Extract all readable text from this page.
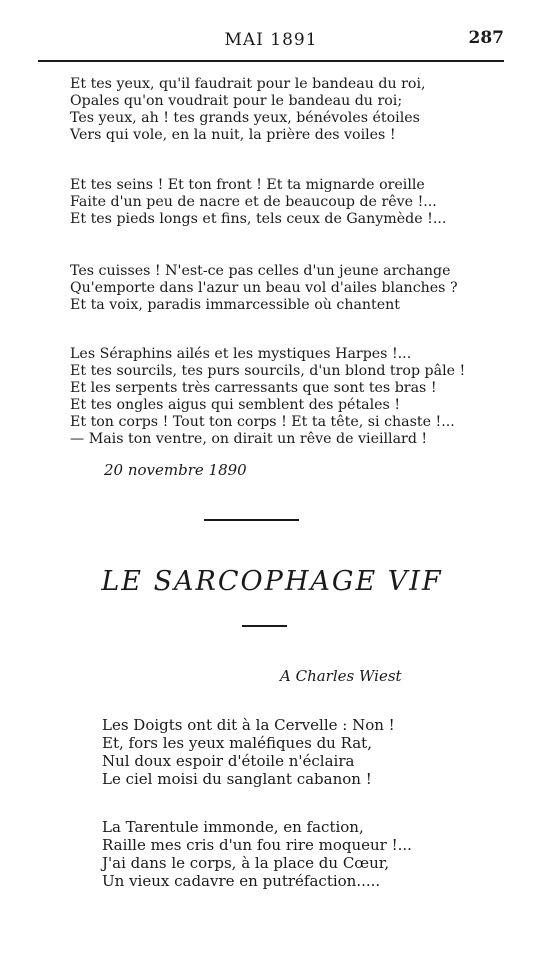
MAI 1891	287
Et tes yeux, qu'il faudrait pour le bandeau du roi,
Opales qu'on voudrait pour le bandeau du roi;
Tes yeux, ah ! tes grands yeux, bénévoles étoiles
Vers qui vole, en la nuit, la prière des voiles !
Et tes seins ! Et ton front ! Et ta mignarde oreille
Faite d'un peu de nacre et de beaucoup de rêve !...
Et tes pieds longs et fins, tels ceux de Ganymède !...
Tes cuisses ! N'est-ce pas celles d'un jeune archange
Qu'emporte dans l'azur un beau vol d'ailes blanches ?
Et ta voix, paradis immarcessible où chantent
Les Séraphins ailés et les mystiques Harpes !...
Et tes sourcils, tes purs sourcils, d'un blond trop pâle !
Et les serpents très carressants que sont tes bras !
Et tes ongles aigus qui semblent des pétales !
Et ton corps ! Tout ton corps ! Et ta tête, si chaste !...
— Mais ton ventre, on dirait un rêve de vieillard !
20 novembre 1890
LE SARCOPHAGE VIF
A Charles Wiest
Les Doigts ont dit à la Cervelle : Non !
Et, fors les yeux maléfiques du Rat,
Nul doux espoir d'étoile n'éclaira
Le ciel moisi du sanglant cabanon !
La Tarentule immonde, en faction,
Raille mes cris d'un fou rire moqueur !...
J'ai dans le corps, à la place du Cœur,
Un vieux cadavre en putréfaction.....
